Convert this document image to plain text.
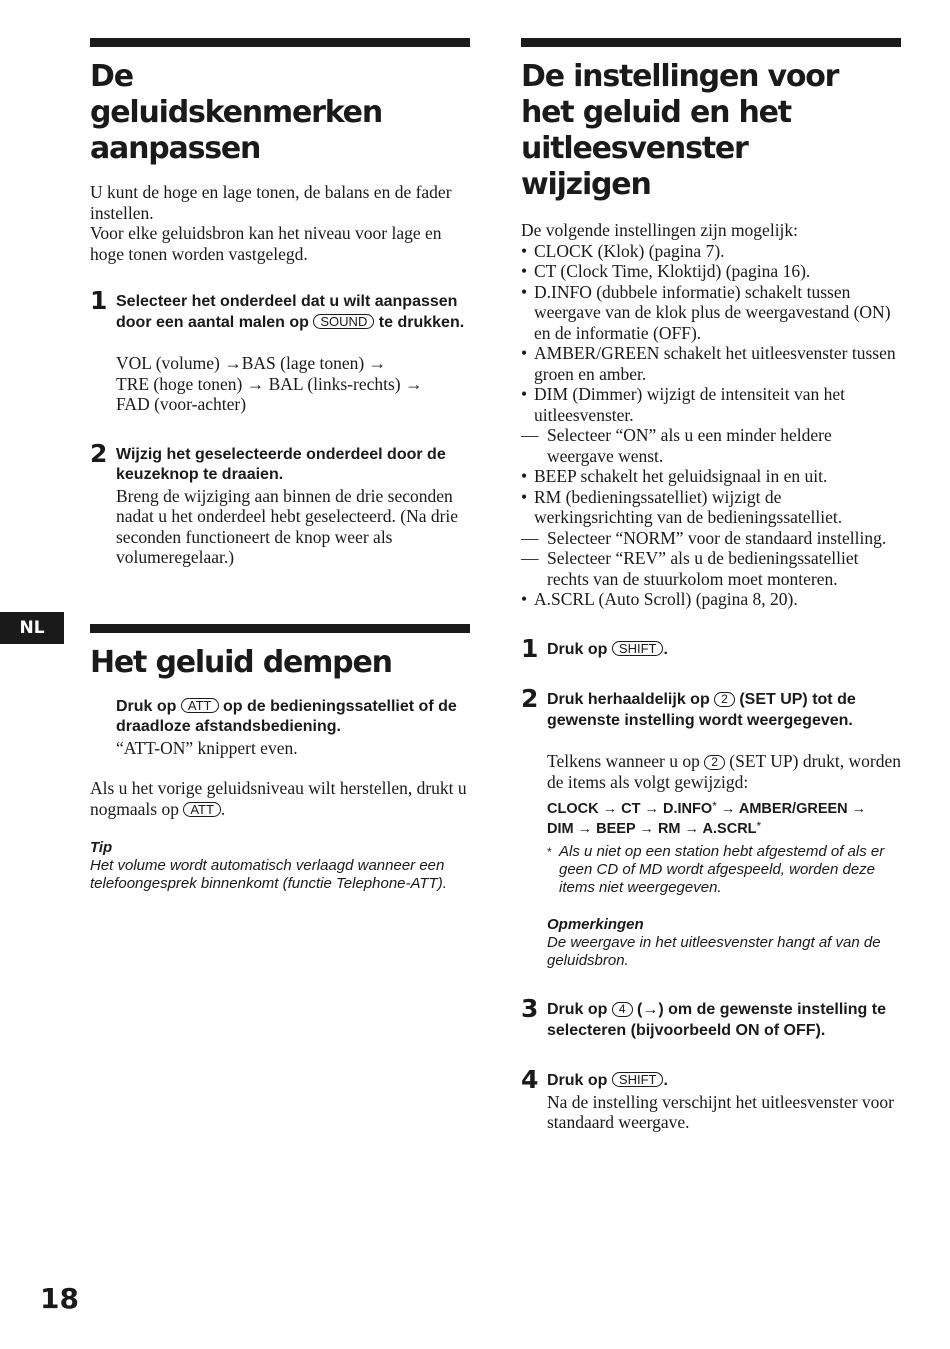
De geluidskenmerken aanpassen

U kunt de hoge en lage tonen, de balans en de fader instellen.

Voor elke geluidsbron kan het niveau voor lage en hoge tonen worden vastgelegd.

1 Selecteer het onderdeel dat u wilt aanpassen door een aantal malen op SOUND te drukken.

VOL (volume) →BAS (lage tonen) →
TRE (hoge tonen) → BAL (links-rechts) →
FAD (voor-achter)

2 Wijzig het geselecteerde onderdeel door de keuzeknop te draaien.

Breng de wijziging aan binnen de drie seconden nadat u het onderdeel hebt geselecteerd. (Na drie seconden functioneert de knop weer als volumeregelaar.)

Het geluid dempen

Druk op ATT op de bedieningssatelliet of de draadloze afstandsbediening.

“ATT-ON” knippert even.

Als u het vorige geluidsniveau wilt herstellen, drukt u nogmaals op ATT .

Tip

Het volume wordt automatisch verlaagd wanneer een telefoongesprek binnenkomt (functie Telephone-ATT).

NL
De instellingen voor het geluid en het uitleesvenster wijzigen

De volgende instellingen zijn mogelijk:

• CLOCK (Klok) (pagina 7).
• CT (Clock Time, Kloktijd) (pagina 16).
• D.INFO (dubbele informatie) schakelt tussen weergave van de klok plus de weergavestand (ON) en de informatie (OFF).
• AMBER/GREEN schakelt het uitleesvenster tussen groen en amber.
• DIM (Dimmer) wijzigt de intensiteit van het uitleesvenster.
— Selecteer “ON” als u een minder heldere weergave wenst.
• BEEP schakelt het geluidsignaal in en uit.
• RM (bedieningssatelliet) wijzigt de werkingsrichting van de bedieningssatelliet.
— Selecteer “NORM” voor de standaard instelling.
— Selecteer “REV” als u de bedieningssatelliet rechts van de stuurkolom moet monteren.
• A.SCRL (Auto Scroll) (pagina 8, 20).
1 Druk op SHIFT .

2 Druk herhaaldelijk op 2 (SET UP) tot de gewenste instelling wordt weergegeven.

Telkens wanneer u op 2 (SET UP) drukt, worden de items als volgt gewijzigd:

CLOCK → CT → D.INFO* → AMBER/GREEN →
DIM → BEEP → RM → A.SCRL*

* Als u niet op een station hebt afgestemd of als er geen CD of MD wordt afgespeeld, worden deze items niet weergegeven.

Opmerkingen

De weergave in het uitleesvenster hangt af van de geluidsbron.

3 Druk op 4 (→) om de gewenste instelling te selecteren (bijvoorbeeld ON of OFF).

4 Druk op SHIFT .

Na de instelling verschijnt het uitleesvenster voor standaard weergave.

18
